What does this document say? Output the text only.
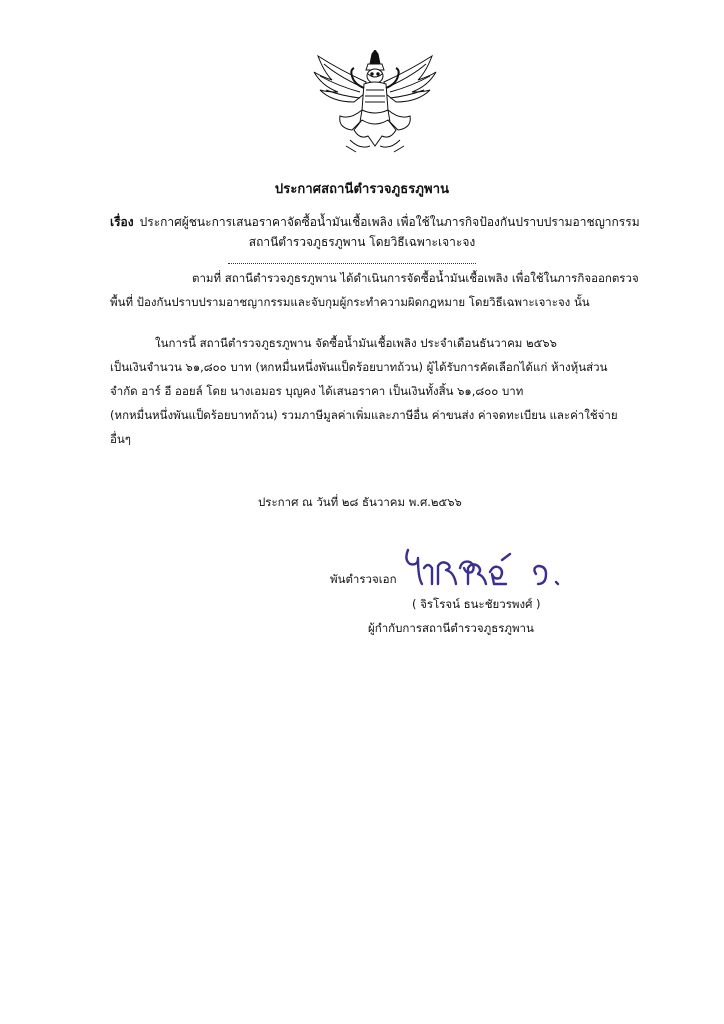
ประกาศสถานีตำรวจภูธรภูพาน
เรื่อง ประกาศผู้ชนะการเสนอราคาจัดซื้อน้ำมันเชื้อเพลิง เพื่อใช้ในภารกิจป้องกันปราบปรามอาชญากรรม
สถานีตำรวจภูธรภูพาน โดยวิธีเฉพาะเจาะจง
ตามที่ สถานีตำรวจภูธรภูพาน ได้ดำเนินการจัดซื้อน้ำมันเชื้อเพลิง เพื่อใช้ในภารกิจออกตรวจ
พื้นที่ ป้องกันปราบปรามอาชญากรรมและจับกุมผู้กระทำความผิดกฎหมาย โดยวิธีเฉพาะเจาะจง นั้น
ในการนี้ สถานีตำรวจภูธรภูพาน จัดซื้อน้ำมันเชื้อเพลิง ประจำเดือนธันวาคม ๒๕๖๖
เป็นเงินจำนวน ๖๑,๘๐๐ บาท (หกหมื่นหนึ่งพันแป็ดร้อยบาทถ้วน) ผู้ได้รับการคัดเลือกได้แก่ ห้างหุ้นส่วน
จำกัด อาร์ อี ออยล์ โดย นางเอมอร บุญคง ได้เสนอราคา เป็นเงินทั้งสิ้น ๖๑,๘๐๐ บาท
(หกหมื่นหนึ่งพันแป็ดร้อยบาทถ้วน) รวมภาษีมูลค่าเพิ่มและภาษีอื่น ค่าขนส่ง ค่าจดทะเบียน และค่าใช้จ่าย
อื่นๆ
ประกาศ ณ วันที่ ๒๘ ธันวาคม พ.ศ.๒๕๖๖
พันตำรวจเอก
( จิรโรจน์ ธนะชัยวรพงศ์ )
ผู้กำกับการสถานีตำรวจภูธรภูพาน
